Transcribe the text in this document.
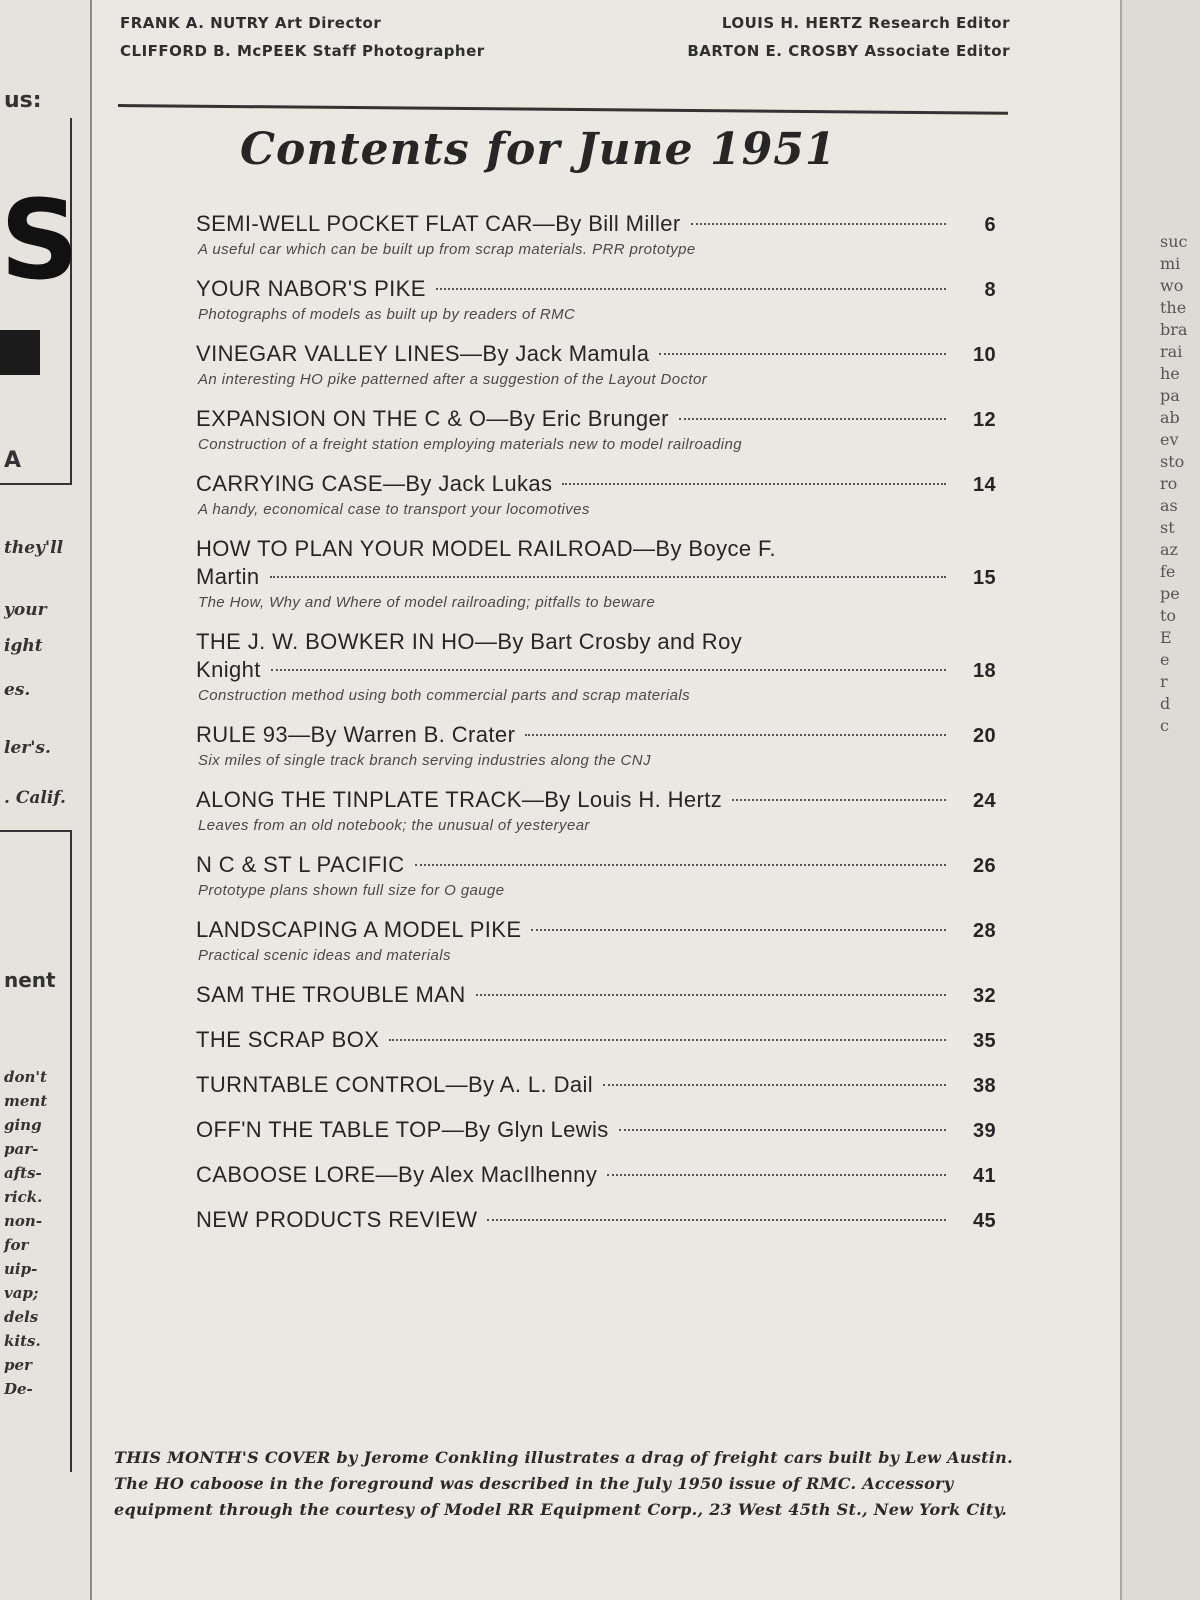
us:
S
A
they'll
your
ight
es.
ler's.
. Calif.
nent
don't
ment
ging
par-
afts-
rick.
non-
for
uip-
vap;
dels
kits.
per
De-
FRANK A. NUTRY Art Director	LOUIS H. HERTZ Research Editor
CLIFFORD B. McPEEK Staff Photographer	BARTON E. CROSBY Associate Editor
Contents for June 1951
SEMI-WELL POCKET FLAT CAR—By Bill Miller	6
A useful car which can be built up from scrap materials. PRR prototype
YOUR NABOR'S PIKE	8
Photographs of models as built up by readers of RMC
VINEGAR VALLEY LINES—By Jack Mamula	10
An interesting HO pike patterned after a suggestion of the Layout Doctor
EXPANSION ON THE C & O—By Eric Brunger	12
Construction of a freight station employing materials new to model railroading
CARRYING CASE—By Jack Lukas	14
A handy, economical case to transport your locomotives
HOW TO PLAN YOUR MODEL RAILROAD—By Boyce F.
Martin	15
The How, Why and Where of model railroading; pitfalls to beware
THE J. W. BOWKER IN HO—By Bart Crosby and Roy
Knight	18
Construction method using both commercial parts and scrap materials
RULE 93—By Warren B. Crater	20
Six miles of single track branch serving industries along the CNJ
ALONG THE TINPLATE TRACK—By Louis H. Hertz	24
Leaves from an old notebook; the unusual of yesteryear
N C & ST L PACIFIC	26
Prototype plans shown full size for O gauge
LANDSCAPING A MODEL PIKE	28
Practical scenic ideas and materials
SAM THE TROUBLE MAN	32
THE SCRAP BOX	35
TURNTABLE CONTROL—By A. L. Dail	38
OFF'N THE TABLE TOP—By Glyn Lewis	39
CABOOSE LORE—By Alex MacIlhenny	41
NEW PRODUCTS REVIEW	45
THIS MONTH'S COVER by Jerome Conkling illustrates a drag of freight cars built by Lew Austin. The HO caboose in the foreground was described in the July 1950 issue of RMC. Accessory equipment through the courtesy of Model RR Equipment Corp., 23 West 45th St., New York City.
suc
mi
wo
the
bra
rai
he
pa
ab
ev
sto
ro
as
st
az
fe
pe
to
E
e
r
d
c
